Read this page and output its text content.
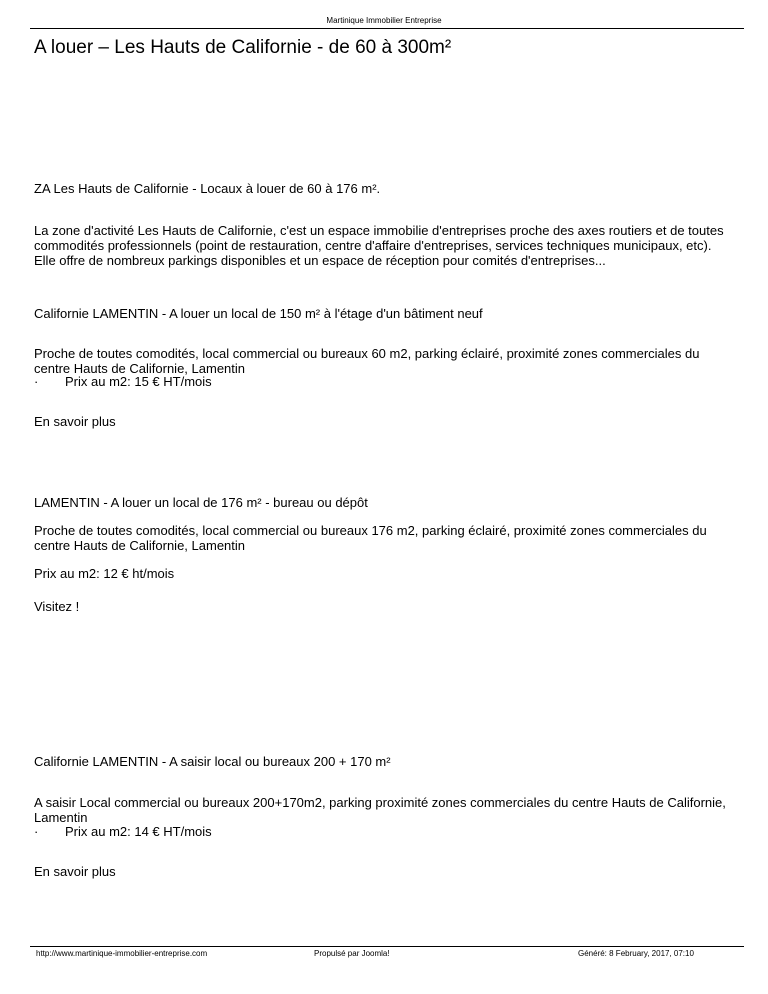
Martinique Immobilier Entreprise
A louer – Les Hauts de Californie - de 60 à 300m²

ZA Les Hauts de Californie - Locaux à louer de 60 à 176 m².

La zone d'activité Les Hauts de Californie, c'est un espace immobilie d'entreprises proche des axes routiers et de toutes commodités professionnels (point de restauration, centre d'affaire d'entreprises, services techniques municipaux, etc). Elle offre de nombreux parkings disponibles et un espace de réception pour comités d'entreprises...

Californie LAMENTIN - A louer un local de 150 m² à l'étage d'un bâtiment neuf

Proche de toutes comodités, local commercial ou bureaux 60 m2, parking éclairé, proximité zones commerciales du centre Hauts de Californie, Lamentin

· Prix au m2: 15 € HT/mois

En savoir plus

LAMENTIN - A louer un local de 176 m² - bureau ou dépôt

Proche de toutes comodités, local commercial ou bureaux 176 m2, parking éclairé, proximité zones commerciales du centre Hauts de Californie, Lamentin

Prix au m2: 12 € ht/mois

Visitez !

Californie LAMENTIN - A saisir local ou bureaux 200 + 170 m²

A saisir Local commercial ou bureaux 200+170m2, parking proximité zones commerciales du centre Hauts de Californie, Lamentin

· Prix au m2: 14 € HT/mois

En savoir plus

http://www.martinique-immobilier-entreprise.com	Propulsé par Joomla!	Généré: 8 February, 2017, 07:10
